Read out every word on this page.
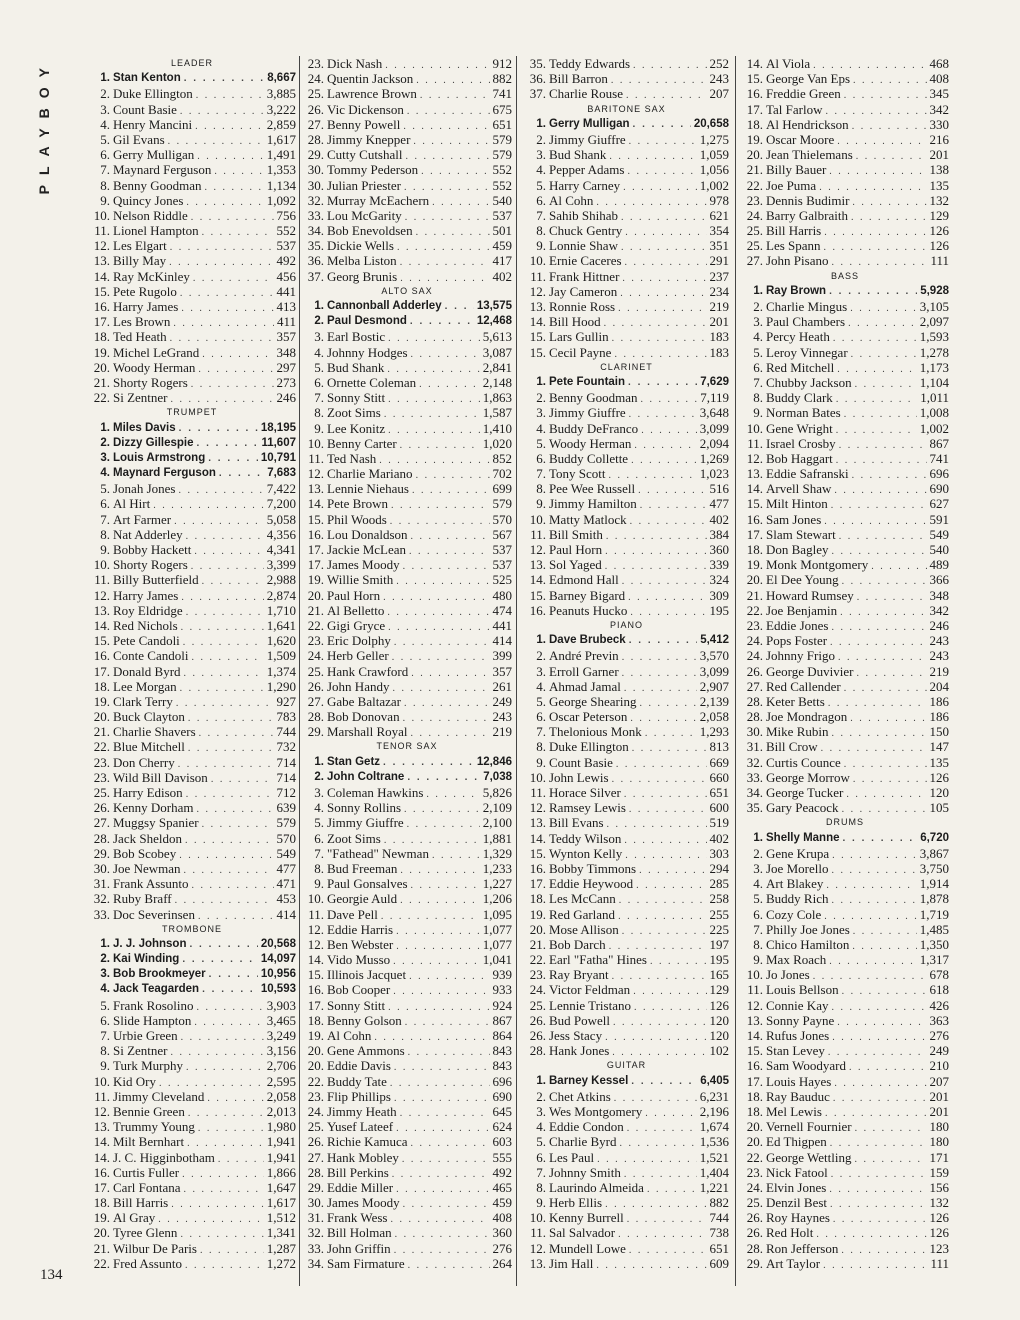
PLAYBOY	LEADER
1. Stan Kenton . . .	8,667
2. Duke Ellington . . .	3,885
3. Count Basie . . .	3,222
4. Henry Mancini . . .	2,859
5. Gil Evans . . .	1,617
6. Gerry Mulligan . . .	1,491
7. Maynard Ferguson . . .	1,353
8. Benny Goodman . . .	1,134
9. Quincy Jones . . .	1,092
10. Nelson Riddle . . .	756
11. Lionel Hampton . . .	552
12. Les Elgart . . .	537
13. Billy May . . .	492
14. Ray McKinley . . .	456
15. Pete Rugolo . . .	441
16. Harry James . . .	413
17. Les Brown . . .	411
18. Ted Heath . . .	357
19. Michel LeGrand . . .	348
20. Woody Herman . . .	297
21. Shorty Rogers . . .	273
22. Si Zentner . . .	246
TRUMPET
1. Miles Davis . . .	18,195
2. Dizzy Gillespie . . .	11,607
3. Louis Armstrong . . .	10,791
4. Maynard Ferguson . . .	7,683
5. Jonah Jones . . .	7,422
6. Al Hirt . . .	7,200
7. Art Farmer . . .	5,058
8. Nat Adderley . . .	4,356
9. Bobby Hackett . . .	4,341
10. Shorty Rogers . . .	3,399
11. Billy Butterfield . . .	2,988
12. Harry James . . .	2,874
13. Roy Eldridge . . .	1,710
14. Red Nichols . . .	1,641
15. Pete Candoli . . .	1,620
16. Conte Candoli . . .	1,509
17. Donald Byrd . . .	1,374
18. Lee Morgan . . .	1,290
19. Clark Terry . . .	927
20. Buck Clayton . . .	783
21. Charlie Shavers . . .	744
22. Blue Mitchell . . .	732
23. Don Cherry . . .	714
23. Wild Bill Davison . . .	714
25. Harry Edison . . .	712
26. Kenny Dorham . . .	639
27. Muggsy Spanier . . .	579
28. Jack Sheldon . . .	570
29. Bob Scobey . . .	549
30. Joe Newman . . .	477
31. Frank Assunto . . .	471
32. Ruby Braff . . .	453
33. Doc Severinsen . . .	414
TROMBONE
1. J. J. Johnson . . .	20,568
2. Kai Winding . . .	14,097
3. Bob Brookmeyer . . .	10,956
4. Jack Teagarden . . .	10,593
5. Frank Rosolino . . .	3,903
6. Slide Hampton . . .	3,465
7. Urbie Green . . .	3,249
8. Si Zentner . . .	3,156
9. Turk Murphy . . .	2,706
10. Kid Ory . . .	2,595
11. Jimmy Cleveland . . .	2,058
12. Bennie Green . . .	2,013
13. Trummy Young . . .	1,980
14. Milt Bernhart . . .	1,941
14. J. C. Higginbotham . . .	1,941
16. Curtis Fuller . . .	1,866
17. Carl Fontana . . .	1,647
18. Bill Harris . . .	1,617
19. Al Gray . . .	1,512
20. Tyree Glenn . . .	1,341
21. Wilbur De Paris . . .	1,287
22. Fred Assunto . . .	1,272
23. Dick Nash . . .	912
24. Quentin Jackson . . .	882
25. Lawrence Brown . . .	741
26. Vic Dickenson . . .	675
27. Benny Powell . . .	651
28. Jimmy Knepper . . .	579
29. Cutty Cutshall . . .	579
30. Tommy Pederson . . .	552
30. Julian Priester . . .	552
32. Murray McEachern . . .	540
33. Lou McGarity . . .	537
34. Bob Enevoldsen . . .	501
35. Dickie Wells . . .	459
36. Melba Liston . . .	417
37. Georg Brunis . . .	402
ALTO SAX
1. Cannonball Adderley . . .	13,575
2. Paul Desmond . . .	12,468
3. Earl Bostic . . .	5,613
4. Johnny Hodges . . .	3,087
5. Bud Shank . . .	2,841
6. Ornette Coleman . . .	2,148
7. Sonny Stitt . . .	1,863
8. Zoot Sims . . .	1,587
9. Lee Konitz . . .	1,410
10. Benny Carter . . .	1,020
11. Ted Nash . . .	852
12. Charlie Mariano . . .	702
13. Lennie Niehaus . . .	699
14. Pete Brown . . .	579
15. Phil Woods . . .	570
16. Lou Donaldson . . .	567
17. Jackie McLean . . .	537
17. James Moody . . .	537
19. Willie Smith . . .	525
20. Paul Horn . . .	480
21. Al Belletto . . .	474
22. Gigi Gryce . . .	441
23. Eric Dolphy . . .	414
24. Herb Geller . . .	399
25. Hank Crawford . . .	357
26. John Handy . . .	261
27. Gabe Baltazar . . .	249
28. Bob Donovan . . .	243
29. Marshall Royal . . .	219
TENOR SAX
1. Stan Getz . . .	12,846
2. John Coltrane . . .	7,038
3. Coleman Hawkins . . .	5,826
4. Sonny Rollins . . .	2,109
5. Jimmy Giuffre . . .	2,100
6. Zoot Sims . . .	1,881
7. "Fathead" Newman . . .	1,329
8. Bud Freeman . . .	1,233
9. Paul Gonsalves . . .	1,227
10. Georgie Auld . . .	1,206
11. Dave Pell . . .	1,095
12. Eddie Harris . . .	1,077
12. Ben Webster . . .	1,077
14. Vido Musso . . .	1,041
15. Illinois Jacquet . . .	939
16. Bob Cooper . . .	933
17. Sonny Stitt . . .	924
18. Benny Golson . . .	867
19. Al Cohn . . .	864
20. Gene Ammons . . .	843
20. Eddie Davis . . .	843
22. Buddy Tate . . .	696
23. Flip Phillips . . .	690
24. Jimmy Heath . . .	645
25. Yusef Lateef . . .	624
26. Richie Kamuca . . .	603
27. Hank Mobley . . .	555
28. Bill Perkins . . .	492
29. Eddie Miller . . .	465
30. James Moody . . .	459
31. Frank Wess . . .	408
32. Bill Holman . . .	360
33. John Griffin . . .	276
34. Sam Firmature . . .	264
35. Teddy Edwards . . .	252
36. Bill Barron . . .	243
37. Charlie Rouse . . .	207
BARITONE SAX
1. Gerry Mulligan . . .	20,658
2. Jimmy Giuffre . . .	1,275
3. Bud Shank . . .	1,059
4. Pepper Adams . . .	1,056
5. Harry Carney . . .	1,002
6. Al Cohn . . .	978
7. Sahib Shihab . . .	621
8. Chuck Gentry . . .	354
9. Lonnie Shaw . . .	351
10. Ernie Caceres . . .	291
11. Frank Hittner . . .	237
12. Jay Cameron . . .	234
13. Ronnie Ross . . .	219
14. Bill Hood . . .	201
15. Lars Gullin . . .	183
15. Cecil Payne . . .	183
CLARINET
1. Pete Fountain . . .	7,629
2. Benny Goodman . . .	7,119
3. Jimmy Giuffre . . .	3,648
4. Buddy DeFranco . . .	3,099
5. Woody Herman . . .	2,094
6. Buddy Collette . . .	1,269
7. Tony Scott . . .	1,023
8. Pee Wee Russell . . .	516
9. Jimmy Hamilton . . .	477
10. Matty Matlock . . .	402
11. Bill Smith . . .	384
12. Paul Horn . . .	360
13. Sol Yaged . . .	339
14. Edmond Hall . . .	324
15. Barney Bigard . . .	309
16. Peanuts Hucko . . .	195
PIANO
1. Dave Brubeck . . .	5,412
2. André Previn . . .	3,570
3. Erroll Garner . . .	3,099
4. Ahmad Jamal . . .	2,907
5. George Shearing . . .	2,139
6. Oscar Peterson . . .	2,058
7. Thelonious Monk . . .	1,293
8. Duke Ellington . . .	813
9. Count Basie . . .	669
10. John Lewis . . .	660
11. Horace Silver . . .	651
12. Ramsey Lewis . . .	600
13. Bill Evans . . .	519
14. Teddy Wilson . . .	402
15. Wynton Kelly . . .	303
16. Bobby Timmons . . .	294
17. Eddie Heywood . . .	285
18. Les McCann . . .	258
19. Red Garland . . .	255
20. Mose Allison . . .	225
21. Bob Darch . . .	197
22. Earl "Fatha" Hines . . .	195
23. Ray Bryant . . .	165
24. Victor Feldman . . .	129
25. Lennie Tristano . . .	126
26. Bud Powell . . .	120
26. Jess Stacy . . .	120
28. Hank Jones . . .	102
GUITAR
1. Barney Kessel . . .	6,405
2. Chet Atkins . . .	6,231
3. Wes Montgomery . . .	2,196
4. Eddie Condon . . .	1,674
5. Charlie Byrd . . .	1,536
6. Les Paul . . .	1,521
7. Johnny Smith . . .	1,404
8. Laurindo Almeida . . .	1,221
9. Herb Ellis . . .	882
10. Kenny Burrell . . .	744
11. Sal Salvador . . .	738
12. Mundell Lowe . . .	651
13. Jim Hall . . .	609
14. Al Viola . . .	468
15. George Van Eps . . .	408
16. Freddie Green . . .	345
17. Tal Farlow . . .	342
18. Al Hendrickson . . .	330
19. Oscar Moore . . .	216
20. Jean Thielemans . . .	201
21. Billy Bauer . . .	138
22. Joe Puma . . .	135
23. Dennis Budimir . . .	132
24. Barry Galbraith . . .	129
25. Bill Harris . . .	126
25. Les Spann . . .	126
27. John Pisano . . .	111
BASS
1. Ray Brown . . .	5,928
2. Charlie Mingus . . .	3,105
3. Paul Chambers . . .	2,097
4. Percy Heath . . .	1,593
5. Leroy Vinnegar . . .	1,278
6. Red Mitchell . . .	1,173
7. Chubby Jackson . . .	1,104
8. Buddy Clark . . .	1,011
9. Norman Bates . . .	1,008
10. Gene Wright . . .	1,002
11. Israel Crosby . . .	867
12. Bob Haggart . . .	741
13. Eddie Safranski . . .	696
14. Arvell Shaw . . .	690
15. Milt Hinton . . .	627
16. Sam Jones . . .	591
17. Slam Stewart . . .	549
18. Don Bagley . . .	540
19. Monk Montgomery . . .	489
20. El Dee Young . . .	366
21. Howard Rumsey . . .	348
22. Joe Benjamin . . .	342
23. Eddie Jones . . .	246
24. Pops Foster . . .	243
24. Johnny Frigo . . .	243
26. George Duvivier . . .	219
27. Red Callender . . .	204
28. Keter Betts . . .	186
28. Joe Mondragon . . .	186
30. Mike Rubin . . .	150
31. Bill Crow . . .	147
32. Curtis Counce . . .	135
33. George Morrow . . .	126
34. George Tucker . . .	120
35. Gary Peacock . . .	105
DRUMS
1. Shelly Manne . . .	6,720
2. Gene Krupa . . .	3,867
3. Joe Morello . . .	3,750
4. Art Blakey . . .	1,914
5. Buddy Rich . . .	1,878
6. Cozy Cole . . .	1,719
7. Philly Joe Jones . . .	1,485
8. Chico Hamilton . . .	1,350
9. Max Roach . . .	1,317
10. Jo Jones . . .	678
11. Louis Bellson . . .	618
12. Connie Kay . . .	426
13. Sonny Payne . . .	363
14. Rufus Jones . . .	276
15. Stan Levey . . .	249
16. Sam Woodyard . . .	210
17. Louis Hayes . . .	207
18. Ray Bauduc . . .	201
18. Mel Lewis . . .	201
20. Vernell Fournier . . .	180
20. Ed Thigpen . . .	180
22. George Wettling . . .	171
23. Nick Fatool . . .	159
24. Elvin Jones . . .	156
25. Denzil Best . . .	132
26. Roy Haynes . . .	126
26. Red Holt . . .	126
28. Ron Jefferson . . .	123
29. Art Taylor . . .	111
134
